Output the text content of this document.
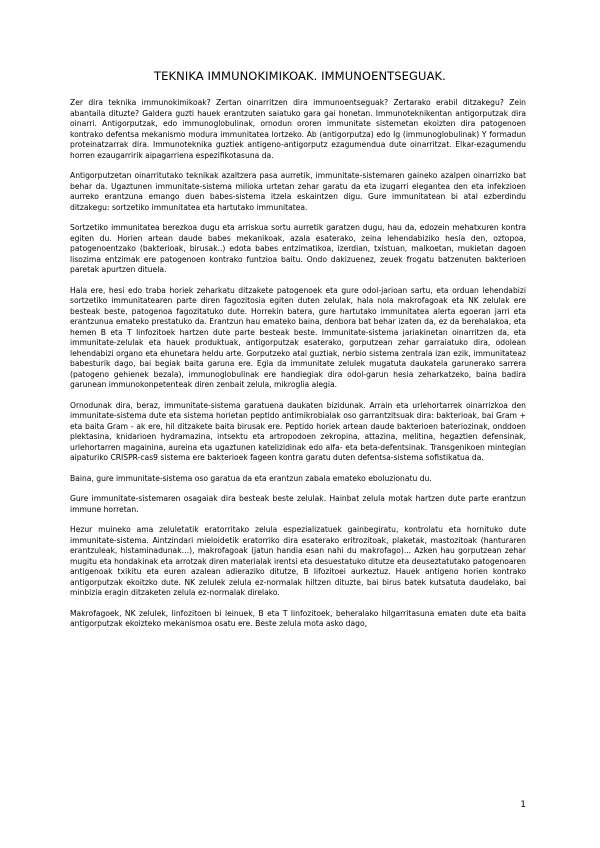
TEKNIKA IMMUNOKIMIKOAK. IMMUNOENTSEGUAK.

Zer dira teknika immunokimikoak? Zertan oinarritzen dira immunoentseguak? Zertarako erabil ditzakegu? Zein abantaila dituzte? Galdera guzti hauek erantzuten saiatuko gara gai honetan. Immunoteknikentan antigorputzak dira oinarri. Antigorputzak, edo immunoglobulinak, ornodun ororen immunitate sistemetan ekoizten dira patogenoen kontrako defentsa mekanismo modura immunitatea lortzeko. Ab (antigorputza) edo Ig (immunoglobulinak) Y formadun proteinatzarrak dira. Immunoteknika guztiek antigeno-antigorputz ezagumendua dute oinarritzat. Elkar-ezagumendu horren ezaugarririk aipagarriena espezifikotasuna da.

Antigorputzetan oinarritutako teknikak azaltzera pasa aurretik, immunitate-sistemaren gaineko azalpen oinarrizko bat behar da. Ugaztunen immunitate-sistema milioka urtetan zehar garatu da eta izugarri elegantea den eta infekzioen aurreko erantzuna emango duen babes-sistema itzela eskaintzen digu. Gure immunitatean bi atal ezberdindu ditzakegu: sortzetiko immunitatea eta hartutako immunitatea.

Sortzetiko immunitatea berezkoa dugu eta arriskua sortu aurretik garatzen dugu, hau da, edozein mehatxuren kontra egiten du. Horien artean daude babes mekanikoak, azala esaterako, zeina lehendabiziko hesia den, oztopoa, patogenoentzako (bakterioak, birusak..) edota babes entzimatikoa, izerdian, txistuan, malkoetan, mukietan dagoen lisozima entzimak ere patogenoen kontrako funtzioa baitu. Ondo dakizuenez, zeuek frogatu batzenuten bakterioen paretak apurtzen dituela.

Hala ere, hesi edo traba horiek zeharkatu ditzakete patogenoek eta gure odol-jarioan sartu, eta orduan lehendabizi sortzetiko immunitatearen parte diren fagozitosia egiten duten zelulak, hala nola makrofagoak eta NK zelulak ere besteak beste, patogenoa fagozitatuko dute. Horrekin batera, gure hartutako immunitatea alerta egoeran jarri eta erantzunua emateko prestatuko da. Erantzun hau emateko baina, denbora bat behar izaten da, ez da berehalakoa, eta hemen B eta T linfozitoek hartzen dute parte besteak beste. Immunitate-sistema jariakinetan oinarritzen da, eta immunitate-zelulak eta hauek produktuak, antigorputzak esaterako, gorputzean zehar garraiatuko dira, odolean lehendabizi organo eta ehunetara heldu arte. Gorputzeko atal guztiak, nerbio sistema zentrala izan ezik, immunitateaz babesturik dago, bai begiak baita garuna ere. Egia da immunitate zelulek mugatuta daukatela garunerako sarrera (patogeno gehienek bezala), immunoglobulinak ere handiegiak dira odol-garun hesia zeharkatzeko, baina badira garunean immunokonpetenteak diren zenbait zelula, mikroglia alegia.

Ornodunak dira, beraz, immunitate-sistema garatuena daukaten bizidunak. Arrain eta urlehortarrek oinarrizkoa den immunitate-sistema dute eta sistema horietan peptido antimikrobialak oso garrantzitsuak dira: bakterioak, bai Gram + eta baita Gram - ak ere, hil ditzakete baita birusak ere. Peptido horiek artean daude bakterioen bateriozinak, onddoen plektasina, knidarioen hydramazina, intsektu eta artropodoen zekropina, attazina, melitina, hegaztien defensinak, urlehortarren magainina, aureina eta ugaztunen katelizidinak edo alfa- eta beta-defentsinak. Transgenikoen mintegian aipaturiko CRISPR-cas9 sistema ere bakterioek fageen kontra garatu duten defentsa-sistema sofistikatua da.

Baina, gure immunitate-sistema oso garatua da eta erantzun zabala emateko eboluzionatu du.

Gure immunitate-sistemaren osagaiak dira besteak beste zelulak. Hainbat zelula motak hartzen dute parte erantzun immune horretan.

Hezur muineko ama zeluletatik eratorritako zelula espezializatuek gainbegiratu, kontrolatu eta hornituko dute immunitate-sistema. Aintzindari mieloidetik eratorriko dira esaterako eritrozitoak, plaketak, mastozitoak (hanturaren erantzuleak, histaminadunak…), makrofagoak (jatun handia esan nahi du makrofago)... Azken hau gorputzean zehar mugitu eta hondakinak eta arrotzak diren materialak irentsi eta desuestatuko ditutze eta deuseztatutako patogenoaren antigenoak txikitu eta euren azalean adieraziko ditutze, B lifozitoei aurkeztuz. Hauek antigeno horien kontrako antigorputzak ekoitzko dute. NK zelulek zelula ez-normalak hiltzen dituzte, bai birus batek kutsatuta daudelako, bai minbizia eragin ditzaketen zelula ez-normalak direlako.

Makrofagoek, NK zelulek, linfozitoen bi leinuek, B eta T linfozitoek, beheralako hilgarritasuna ematen dute eta baita antigorputzak ekoizteko mekanismoa osatu ere. Beste zelula mota asko dago,

1
